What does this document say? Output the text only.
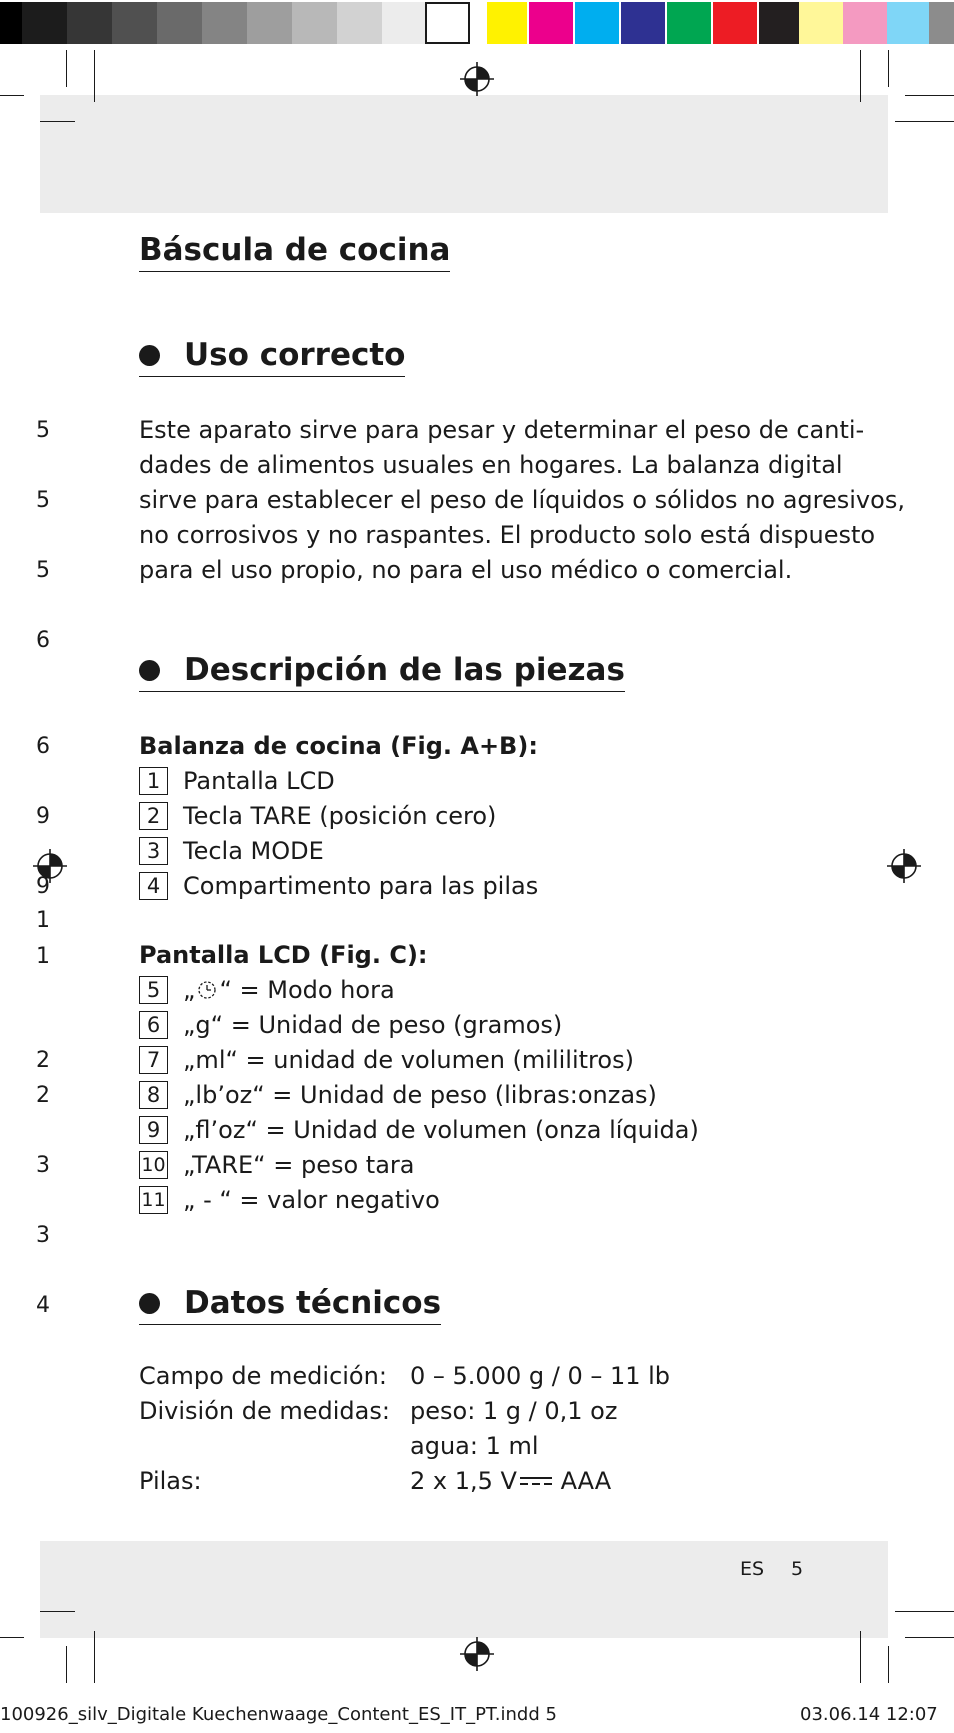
Báscula de cocina
Uso correcto
Este aparato sirve para pesar y determinar el peso de canti-
dades de alimentos usuales en hogares. La balanza digital
sirve para establecer el peso de líquidos o sólidos no agresivos,
no corrosivos y no raspantes. El producto solo está dispuesto
para el uso propio, no para el uso médico o comercial.
Descripción de las piezas
Balanza de cocina (Fig. A+B):
1 Pantalla LCD
2 Tecla TARE (posición cero)
3 Tecla MODE
4 Compartimento para las pilas
Pantalla LCD (Fig. C):
5 „ “ = Modo hora
6 „g“ = Unidad de peso (gramos)
7 „ml“ = unidad de volumen (mililitros)
8 „lb’oz“ = Unidad de peso (libras:onzas)
9 „fl’oz“ = Unidad de volumen (onza líquida)
10 „TARE“ = peso tara
11 „ - “ = valor negativo
Datos técnicos
Campo de medición: 0 – 5.000 g / 0 – 11 lb
División de medidas: peso: 1 g / 0,1 oz
agua: 1 ml
Pilas:	2 x 1,5 V AAA
5
5
5
6
6
9
9
1
1
2
2
3
3
4
ES 5
100926_silv_Digitale Kuechenwaage_Content_ES_IT_PT.indd 5	03.06.14 12:07
